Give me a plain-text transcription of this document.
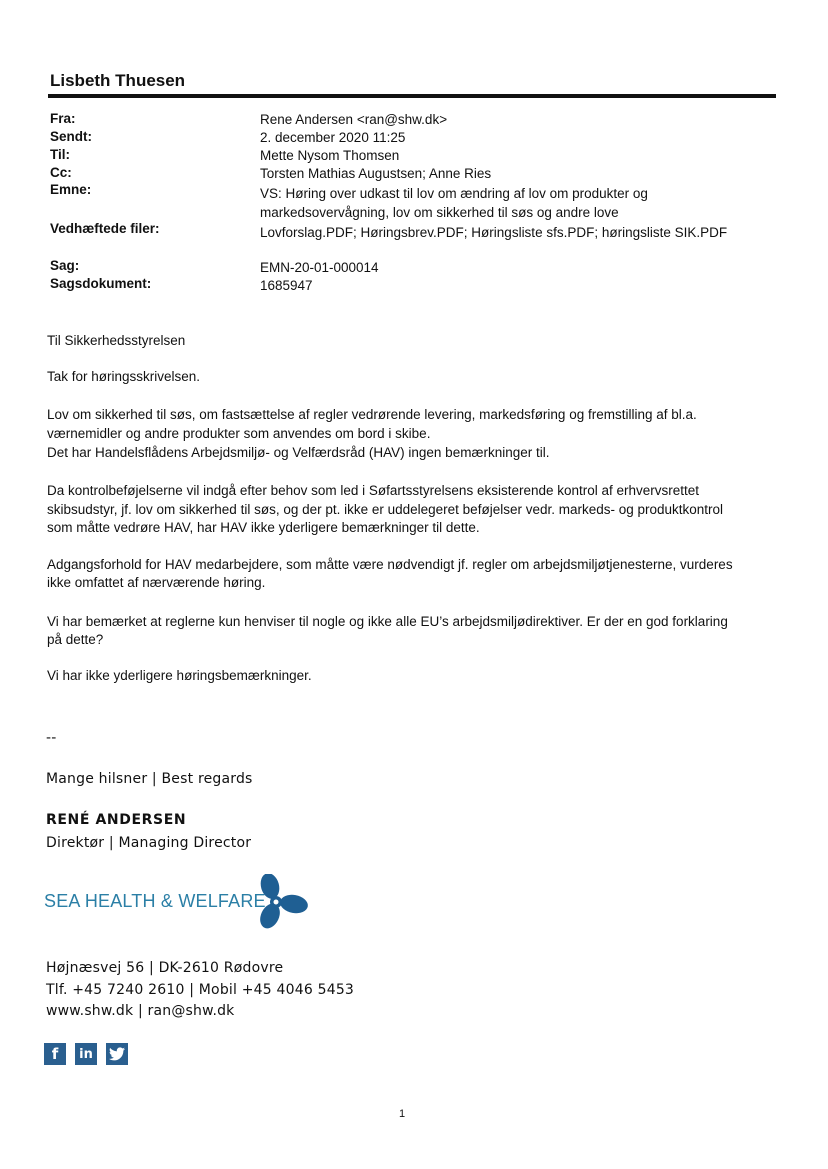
Lisbeth Thuesen
Fra:	Rene Andersen <ran@shw.dk>
Sendt:	2. december 2020 11:25
Til:	Mette Nysom Thomsen
Cc:	Torsten Mathias Augustsen; Anne Ries
Emne:	VS: Høring over udkast til lov om ændring af lov om produkter og
markedsovervågning, lov om sikkerhed til søs og andre love
Vedhæftede filer:	Lovforslag.PDF; Høringsbrev.PDF; Høringsliste sfs.PDF; høringsliste SIK.PDF
Sag:	EMN-20-01-000014
Sagsdokument:	1685947
Til Sikkerhedsstyrelsen
Tak for høringsskrivelsen.
Lov om sikkerhed til søs, om fastsættelse af regler vedrørende levering, markedsføring og fremstilling af bl.a.
værnemidler og andre produkter som anvendes om bord i skibe.
Det har Handelsflådens Arbejdsmiljø- og Velfærdsråd (HAV) ingen bemærkninger til.
Da kontrolbeføjelserne vil indgå efter behov som led i Søfartsstyrelsens eksisterende kontrol af erhvervsrettet
skibsudstyr, jf. lov om sikkerhed til søs, og der pt. ikke er uddelegeret beføjelser vedr. markeds- og produktkontrol
som måtte vedrøre HAV, har HAV ikke yderligere bemærkninger til dette.
Adgangsforhold for HAV medarbejdere, som måtte være nødvendigt jf. regler om arbejdsmiljøtjenesterne, vurderes
ikke omfattet af nærværende høring.
Vi har bemærket at reglerne kun henviser til nogle og ikke alle EU’s arbejdsmiljødirektiver. Er der en god forklaring
på dette?
Vi har ikke yderligere høringsbemærkninger.
--
Mange hilsner | Best regards
RENÉ ANDERSEN
Direktør | Managing Director
SEA HEALTH & WELFARE
Højnæsvej 56 | DK-2610 Rødovre
Tlf. +45 7240 2610 | Mobil +45 4046 5453
www.shw.dk | ran@shw.dk
f	in
1
